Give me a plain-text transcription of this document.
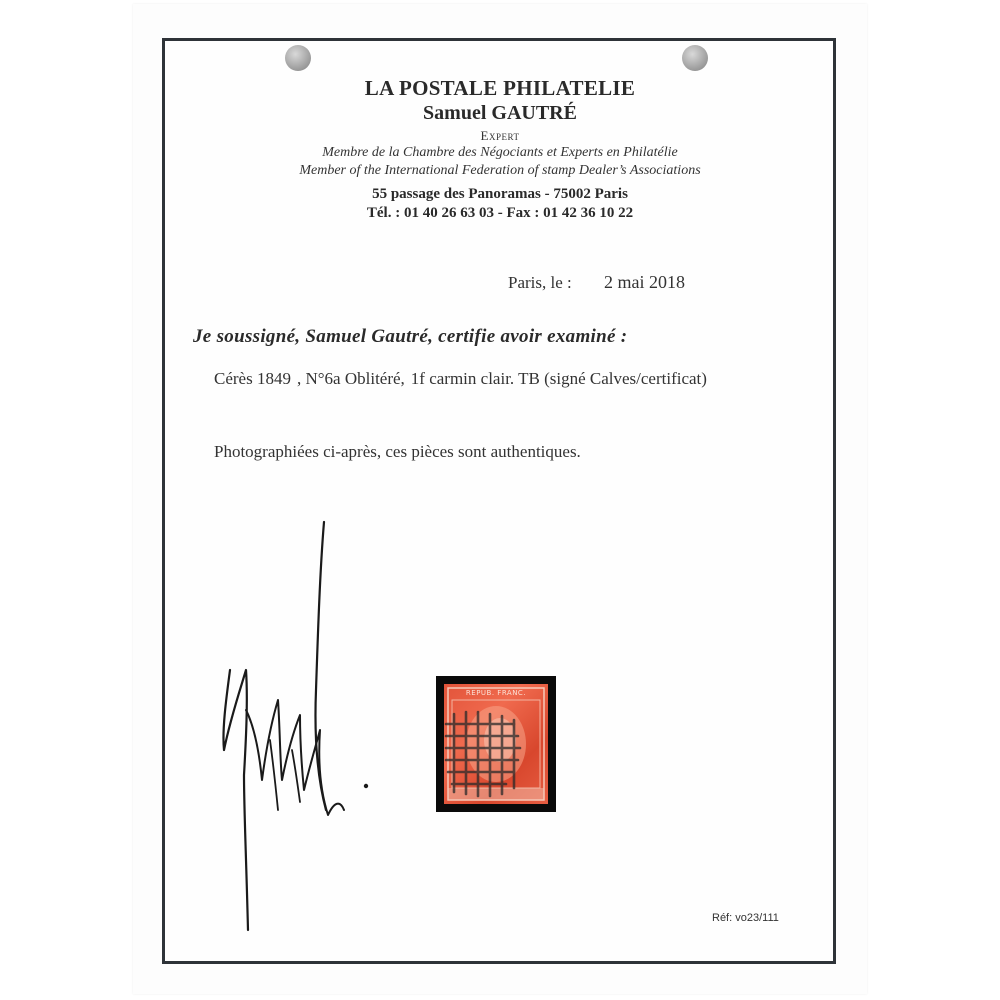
LA POSTALE PHILATELIE
Samuel GAUTRÉ
Expert
Membre de la Chambre des Négociants et Experts en Philatélie
Member of the International Federation of stamp Dealer’s Associations
55 passage des Panoramas - 75002 Paris
Tél. : 01 40 26 63 03 - Fax : 01 42 36 10 22
Paris, le : 2 mai 2018
Je soussigné, Samuel Gautré, certifie avoir examiné :
Cérès 1849 , N°6a Oblitéré, 1f carmin clair. TB (signé Calves/certificat)
Photographiées ci-après, ces pièces sont authentiques.
REPUB. FRANC.
Réf: vo23/111
